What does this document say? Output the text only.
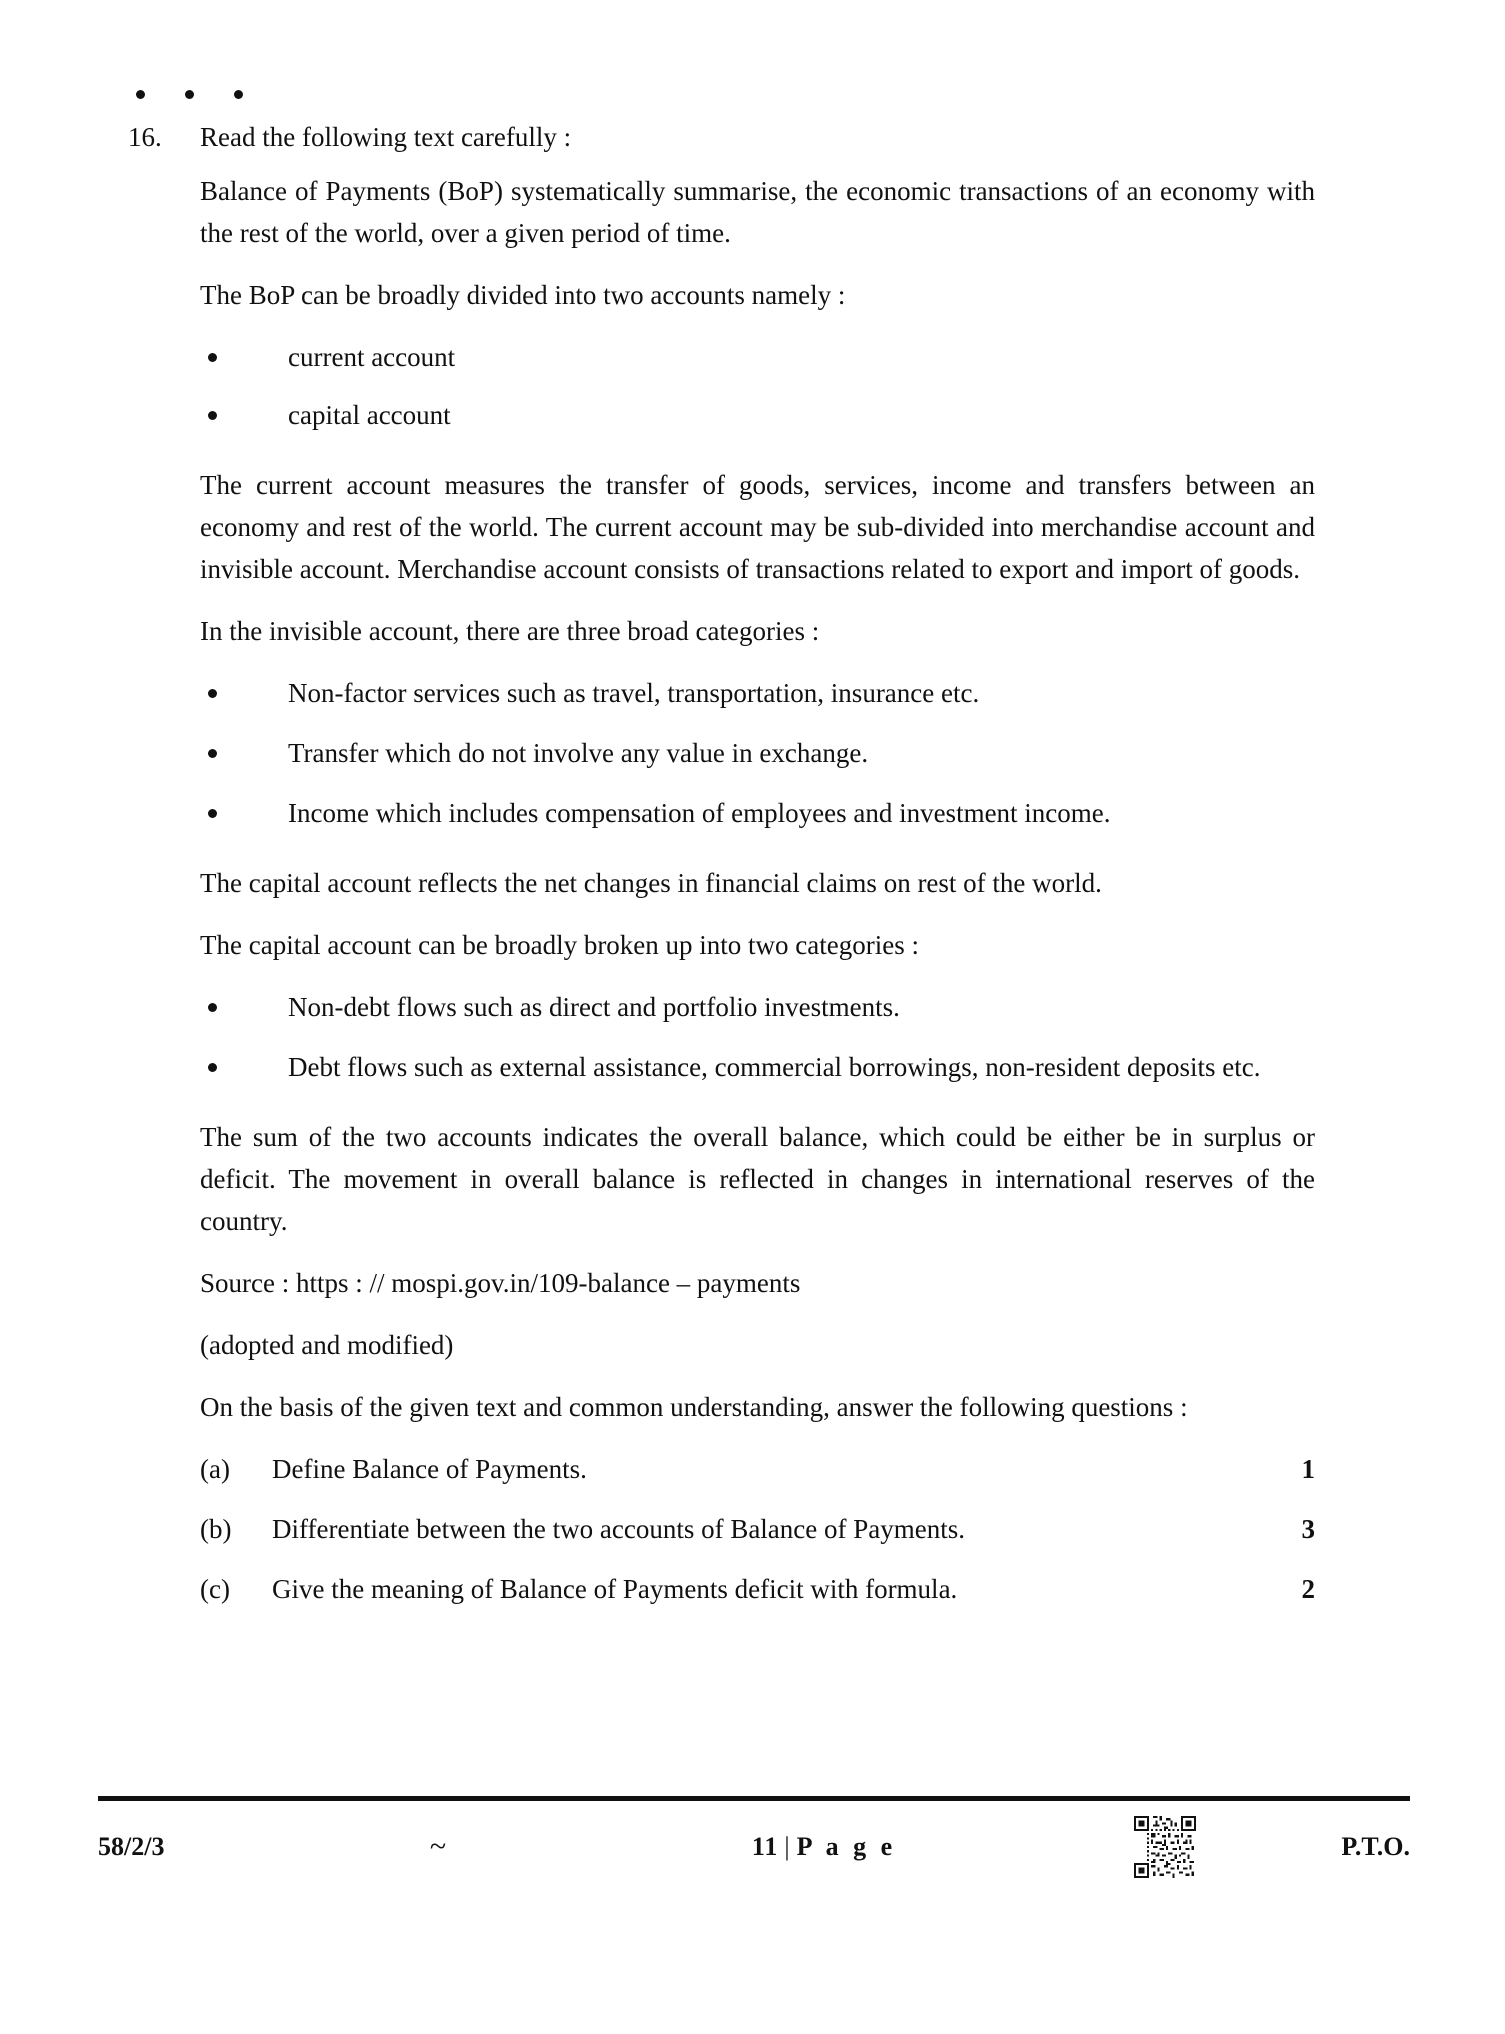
16.	Read the following text carefully :

Balance of Payments (BoP) systematically summarise, the economic transactions of an economy with the rest of the world, over a given period of time.

The BoP can be broadly divided into two accounts namely :

current account
capital account

The current account measures the transfer of goods, services, income and transfers between an economy and rest of the world. The current account may be sub-divided into merchandise account and invisible account. Merchandise account consists of transactions related to export and import of goods.

In the invisible account, there are three broad categories :

Non-factor services such as travel, transportation, insurance etc.
Transfer which do not involve any value in exchange.
Income which includes compensation of employees and investment income.

The capital account reflects the net changes in financial claims on rest of the world.

The capital account can be broadly broken up into two categories :

Non-debt flows such as direct and portfolio investments.
Debt flows such as external assistance, commercial borrowings, non-resident deposits etc.

The sum of the two accounts indicates the overall balance, which could be either be in surplus or deficit. The movement in overall balance is reflected in changes in international reserves of the country.

Source : https : // mospi.gov.in/109-balance – payments

(adopted and modified)

On the basis of the given text and common understanding, answer the following questions :

(a)	Define Balance of Payments.	1
(b)	Differentiate between the two accounts of Balance of Payments.	3
(c)	Give the meaning of Balance of Payments deficit with formula.	2
58/2/3	~	11 | P a g e	P.T.O.
